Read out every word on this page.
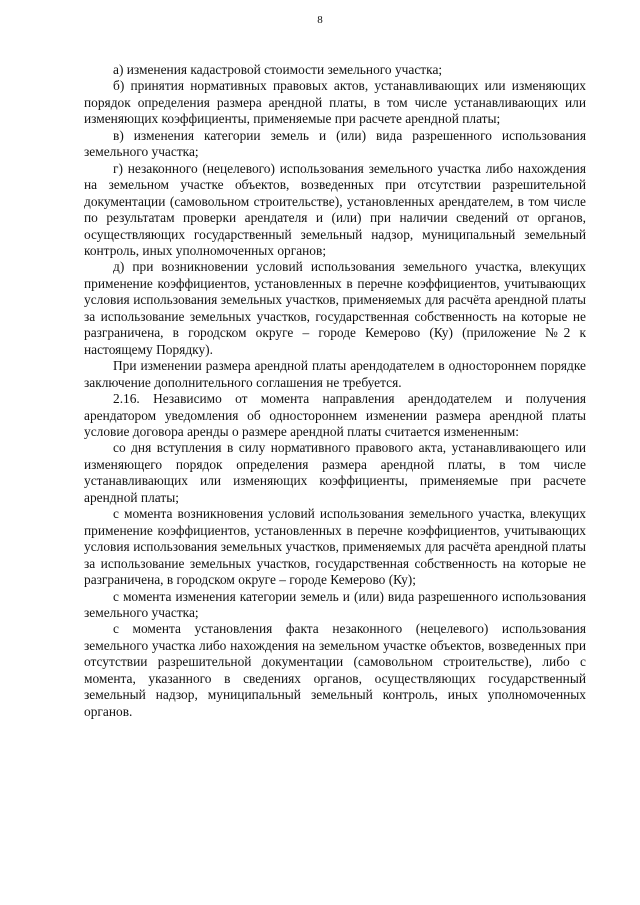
8

а) изменения кадастровой стоимости земельного участка;

б) принятия нормативных правовых актов, устанавливающих или изменяющих порядок определения размера арендной платы, в том числе устанавливающих или изменяющих коэффициенты, применяемые при расчете арендной платы;

в) изменения категории земель и (или) вида разрешенного использования земельного участка;

г) незаконного (нецелевого) использования земельного участка либо нахождения на земельном участке объектов, возведенных при отсутствии разрешительной документации (самовольном строительстве), установленных арендателем, в том числе по результатам проверки арендателя и (или) при наличии сведений от органов, осуществляющих государственный земельный надзор, муниципальный земельный контроль, иных уполномоченных органов;

д) при возникновении условий использования земельного участка, влекущих применение коэффициентов, установленных в перечне коэффициентов, учитывающих условия использования земельных участков, применяемых для расчёта арендной платы за использование земельных участков, государственная собственность на которые не разграничена, в городском округе – городе Кемерово (Ку) (приложение №2 к настоящему Порядку).

При изменении размера арендной платы арендодателем в одностороннем порядке заключение дополнительного соглашения не требуется.

2.16. Независимо от момента направления арендодателем и получения арендатором уведомления об одностороннем изменении размера арендной платы условие договора аренды о размере арендной платы считается измененным:

со дня вступления в силу нормативного правового акта, устанавливающего или изменяющего порядок определения размера арендной платы, в том числе устанавливающих или изменяющих коэффициенты, применяемые при расчете арендной платы;

с момента возникновения условий использования земельного участка, влекущих применение коэффициентов, установленных в перечне коэффициентов, учитывающих условия использования земельных участков, применяемых для расчёта арендной платы за использование земельных участков, государственная собственность на которые не разграничена, в городском округе – городе Кемерово (Ку);

с момента изменения категории земель и (или) вида разрешенного использования земельного участка;

с момента установления факта незаконного (нецелевого) использования земельного участка либо нахождения на земельном участке объектов, возведенных при отсутствии разрешительной документации (самовольном строительстве), либо с момента, указанного в сведениях органов, осуществляющих государственный земельный надзор, муниципальный земельный контроль, иных уполномоченных органов.
